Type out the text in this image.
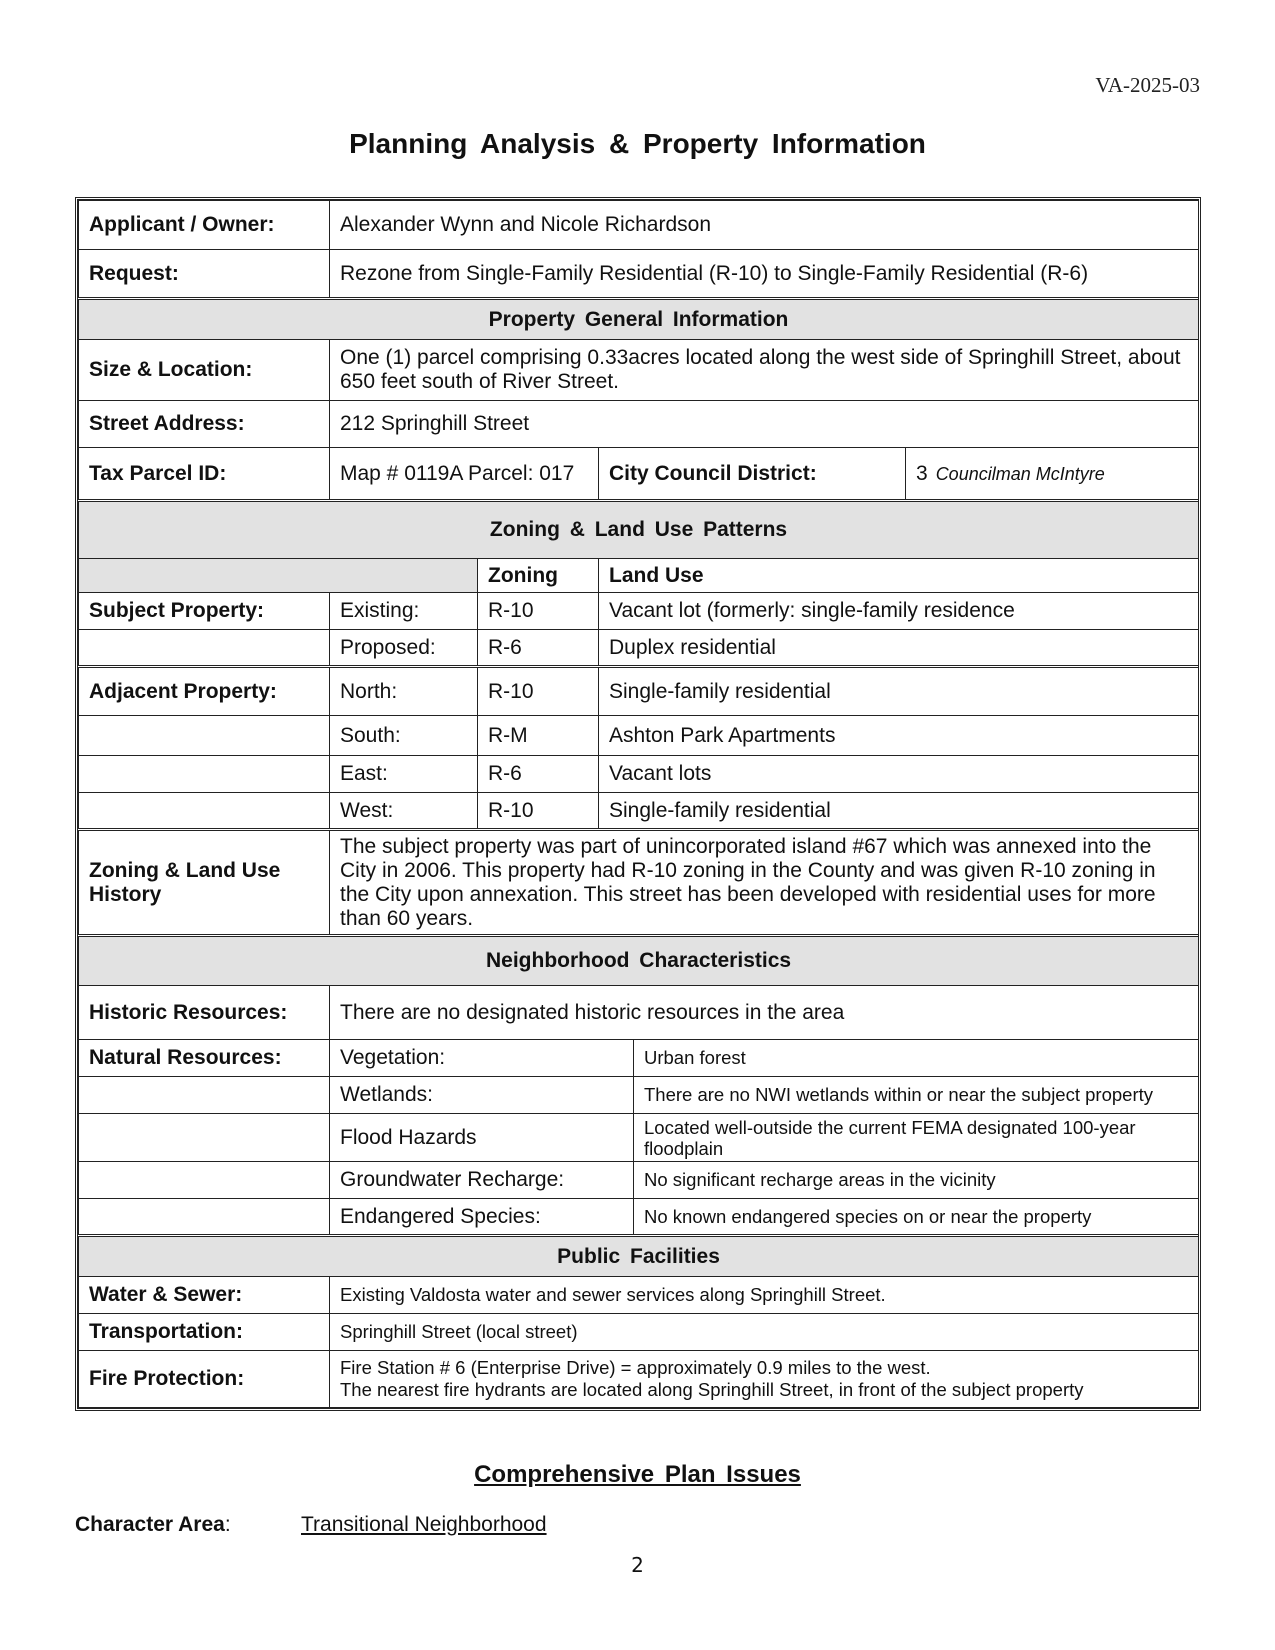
VA-2025-03
Planning Analysis & Property Information
Applicant / Owner:	Alexander Wynn and Nicole Richardson				
Request:	Rezone from Single-Family Residential (R-10) to Single-Family Residential (R-6)				
Property General Information					
Size & Location:	One (1) parcel comprising 0.33acres located along the west side of Springhill Street, about 650 feet south of River Street.				
Street Address:	212 Springhill Street				
Tax Parcel ID:	Map # 0119A Parcel: 017		City Council District:		3 Councilman McIntyre
Zoning & Land Use Patterns					
		Zoning	Land Use		
Subject Property:	Existing:	R-10	Vacant lot (formerly: single-family residence		
	Proposed:	R-6	Duplex residential		
Adjacent Property:	North:	R-10	Single-family residential		
	South:	R-M	Ashton Park Apartments		
	East:	R-6	Vacant lots		
	West:	R-10	Single-family residential		
Zoning & Land Use History	The subject property was part of unincorporated island #67 which was annexed into the City in 2006. This property had R-10 zoning in the County and was given R-10 zoning in the City upon annexation. This street has been developed with residential uses for more than 60 years.				
Neighborhood Characteristics					
Historic Resources:	There are no designated historic resources in the area				
Natural Resources:	Vegetation:			Urban forest	
	Wetlands:			There are no NWI wetlands within or near the subject property	
	Flood Hazards			Located well-outside the current FEMA designated 100-year floodplain	
	Groundwater Recharge:			No significant recharge areas in the vicinity	
	Endangered Species:			No known endangered species on or near the property	
Public Facilities					
Water & Sewer:	Existing Valdosta water and sewer services along Springhill Street.				
Transportation:	Springhill Street (local street)				
Fire Protection:	Fire Station # 6 (Enterprise Drive) = approximately 0.9 miles to the west.
The nearest fire hydrants are located along Springhill Street, in front of the subject property				
Comprehensive Plan Issues
Character Area:	Transitional Neighborhood
2
